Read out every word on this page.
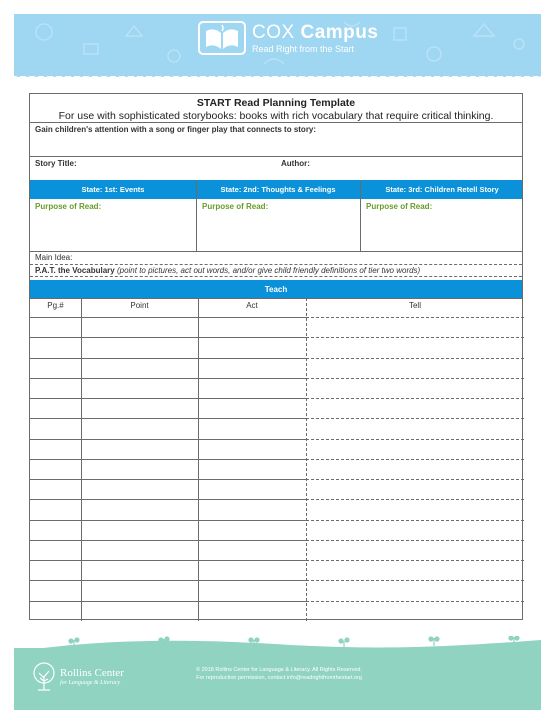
COX Campus
Read Right from the Start
START Read Planning Template
For use with sophisticated storybooks: books with rich vocabulary that require critical thinking.
Gain children's attention with a song or finger play that connects to story:
Story Title:	Author:
State: 1st: Events	State: 2nd: Thoughts & Feelings	State: 3rd: Children Retell Story
Purpose of Read:	Purpose of Read:	Purpose of Read:
Main Idea:
P.A.T. the Vocabulary (point to pictures, act out words, and/or give child friendly definitions of tier two words)
Teach
Pg.#	Point	Act	Tell
Rollins Center
for Language & Literacy
© 2018 Rollins Center for Language & Literacy. All Rights Reserved.
For reproduction permission, contact info@readrightfromthestart.org
